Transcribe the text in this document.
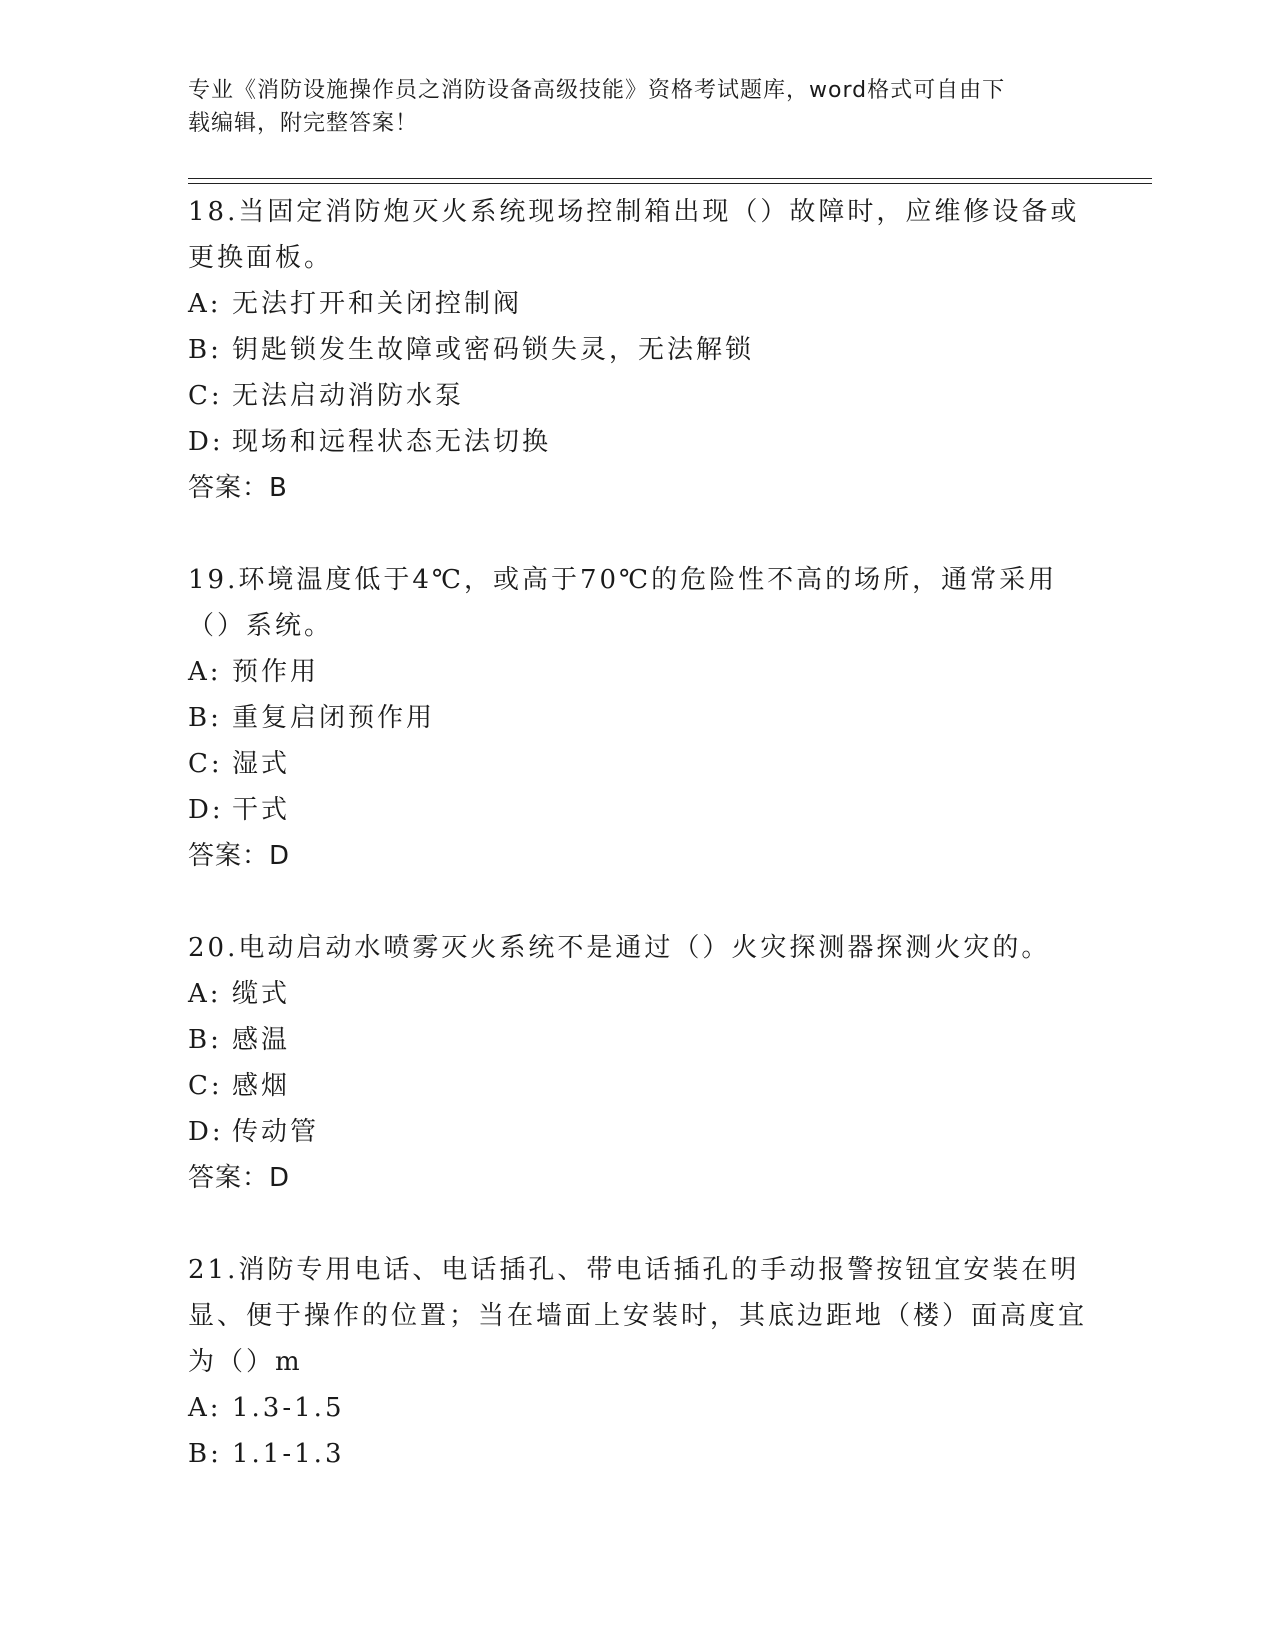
专业《消防设施操作员之消防设备高级技能》资格考试题库，word格式可自由下
载编辑，附完整答案！
18.当固定消防炮灭火系统现场控制箱出现（）故障时，应维修设备或更换面板。
A: 无法打开和关闭控制阀
B: 钥匙锁发生故障或密码锁失灵，无法解锁
C: 无法启动消防水泵
D: 现场和远程状态无法切换
答案：B
19.环境温度低于4℃，或高于70℃的危险性不高的场所，通常采用（）系统。
A: 预作用
B: 重复启闭预作用
C: 湿式
D: 干式
答案：D
20.电动启动水喷雾灭火系统不是通过（）火灾探测器探测火灾的。
A: 缆式
B: 感温
C: 感烟
D: 传动管
答案：D
21.消防专用电话、电话插孔、带电话插孔的手动报警按钮宜安装在明显、便于操作的位置；当在墙面上安装时，其底边距地（楼）面高度宜为（）m
A: 1.3-1.5
B: 1.1-1.3
